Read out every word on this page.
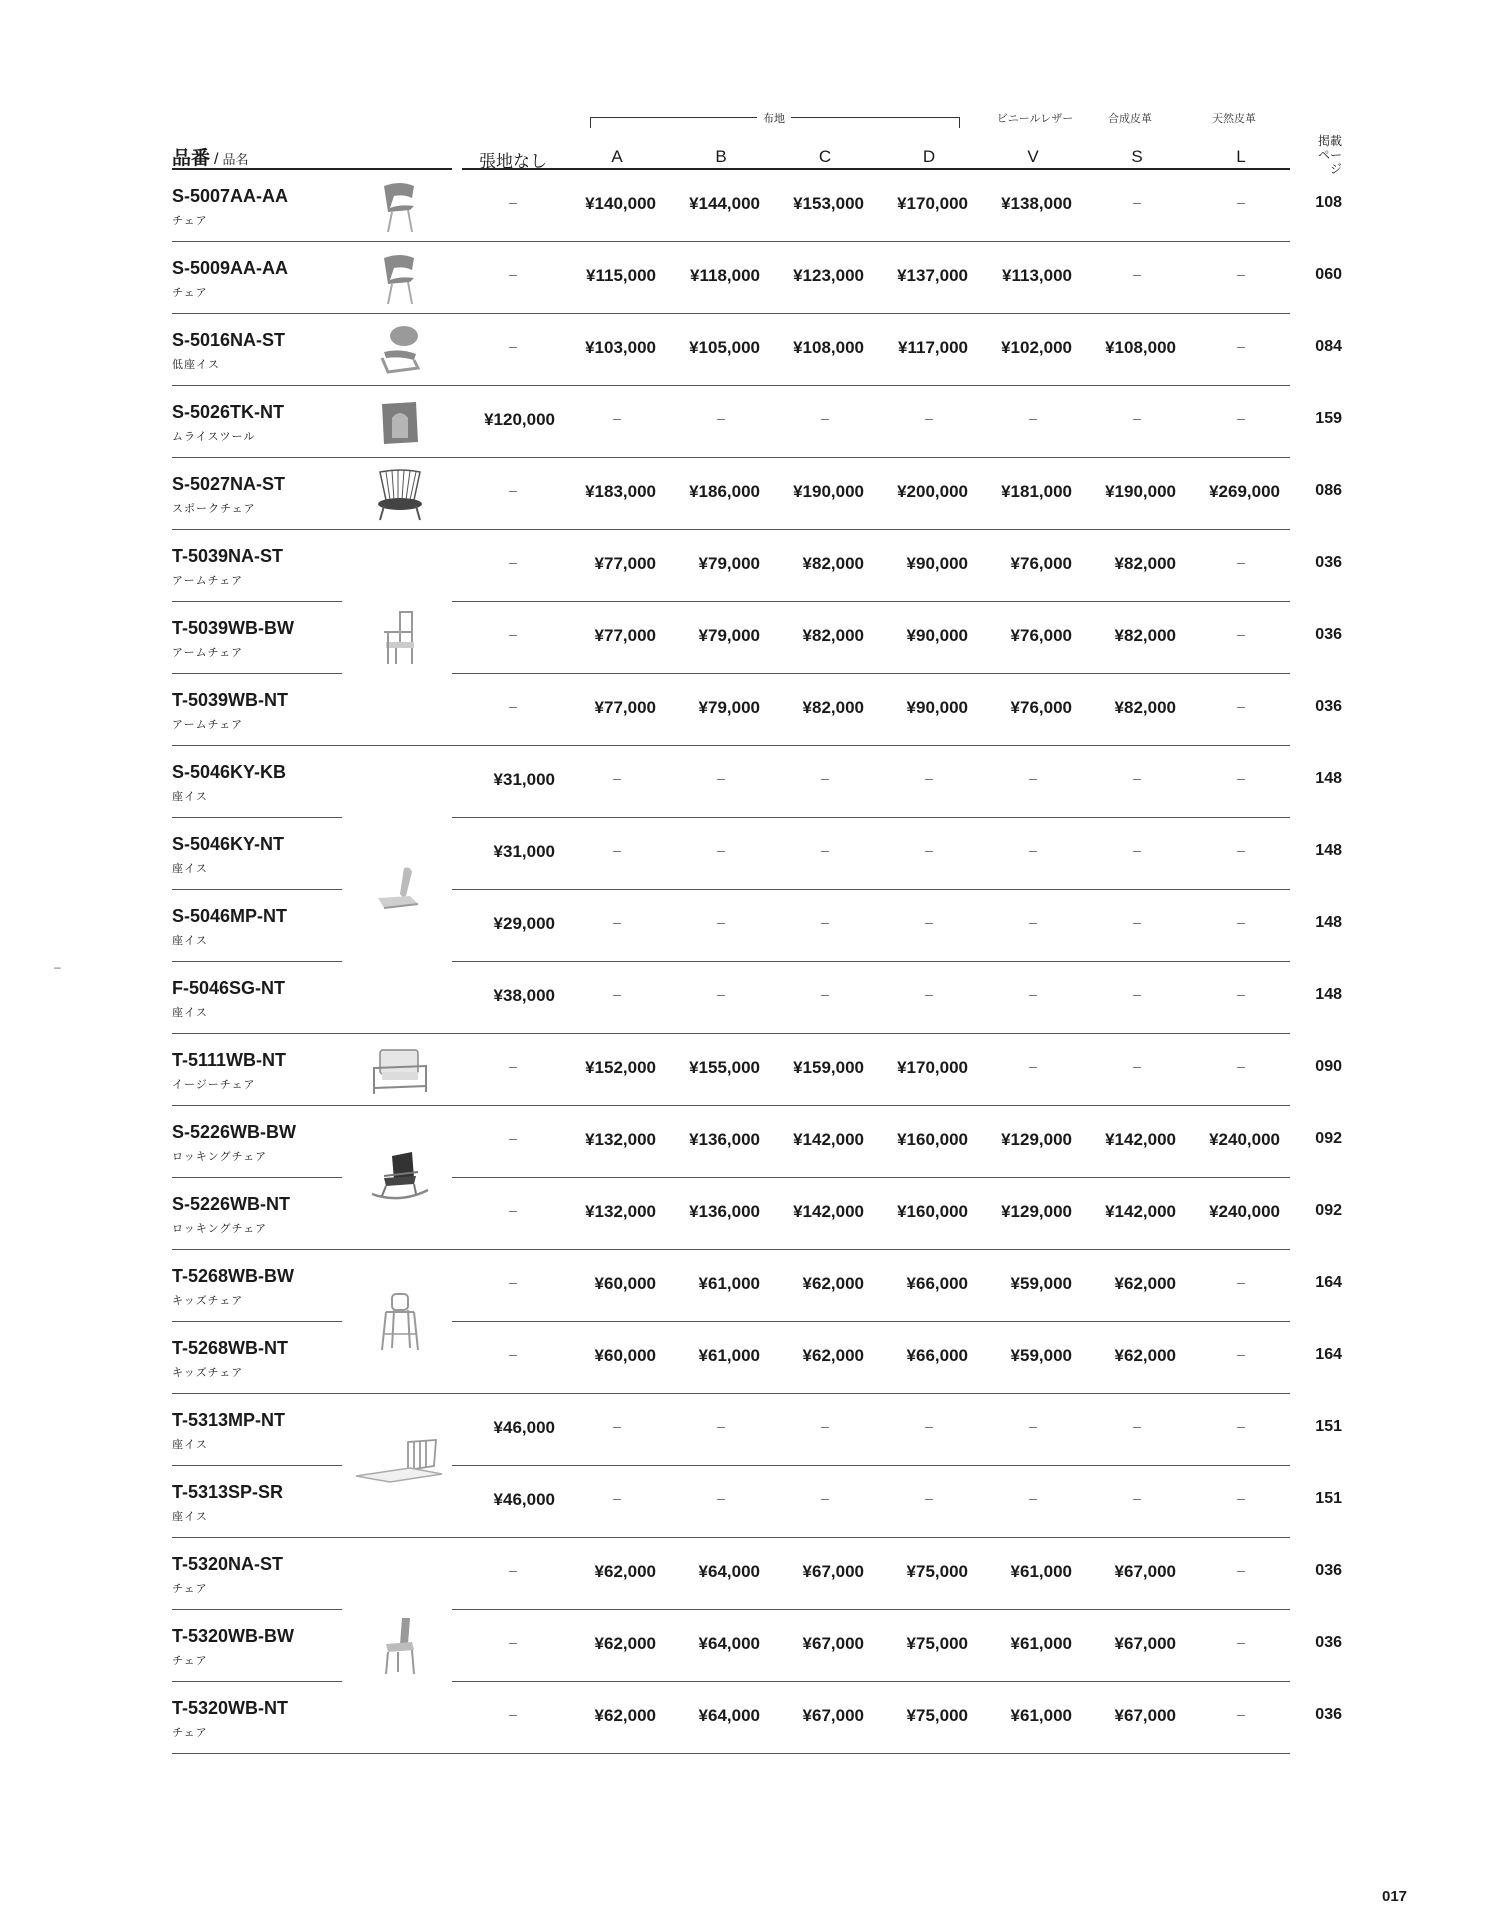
布地	ビニールレザー	合成皮革	天然皮革
品番 / 品名	張地なし	A	B	C	D	V	S	L
掲載
ページ
S-5007AA-AA
チェア
–	¥140,000	¥144,000	¥153,000	¥170,000	¥138,000	–	–	108
S-5009AA-AA
チェア
–	¥115,000	¥118,000	¥123,000	¥137,000	¥113,000	–	–	060
S-5016NA-ST
低座イス
–	¥103,000	¥105,000	¥108,000	¥117,000	¥102,000	¥108,000	–	084
S-5026TK-NT
ムライスツール
¥120,000	–	–	–	–	–	–	–	159
S-5027NA-ST
スポークチェア
–	¥183,000	¥186,000	¥190,000	¥200,000	¥181,000	¥190,000	¥269,000	086
T-5039NA-ST
アームチェア
–	¥77,000	¥79,000	¥82,000	¥90,000	¥76,000	¥82,000	–	036
T-5039WB-BW
アームチェア
–	¥77,000	¥79,000	¥82,000	¥90,000	¥76,000	¥82,000	–	036
T-5039WB-NT
アームチェア
–	¥77,000	¥79,000	¥82,000	¥90,000	¥76,000	¥82,000	–	036
S-5046KY-KB
座イス
¥31,000	–	–	–	–	–	–	–	148
S-5046KY-NT
座イス
¥31,000	–	–	–	–	–	–	–	148
S-5046MP-NT
座イス
¥29,000	–	–	–	–	–	–	–	148
F-5046SG-NT
座イス
¥38,000	–	–	–	–	–	–	–	148
T-5111WB-NT
イージーチェア
–	¥152,000	¥155,000	¥159,000	¥170,000	–	–	–	090
S-5226WB-BW
ロッキングチェア
–	¥132,000	¥136,000	¥142,000	¥160,000	¥129,000	¥142,000	¥240,000	092
S-5226WB-NT
ロッキングチェア
–	¥132,000	¥136,000	¥142,000	¥160,000	¥129,000	¥142,000	¥240,000	092
T-5268WB-BW
キッズチェア
–	¥60,000	¥61,000	¥62,000	¥66,000	¥59,000	¥62,000	–	164
T-5268WB-NT
キッズチェア
–	¥60,000	¥61,000	¥62,000	¥66,000	¥59,000	¥62,000	–	164
T-5313MP-NT
座イス
¥46,000	–	–	–	–	–	–	–	151
T-5313SP-SR
座イス
¥46,000	–	–	–	–	–	–	–	151
T-5320NA-ST
チェア
–	¥62,000	¥64,000	¥67,000	¥75,000	¥61,000	¥67,000	–	036
T-5320WB-BW
チェア
–	¥62,000	¥64,000	¥67,000	¥75,000	¥61,000	¥67,000	–	036
T-5320WB-NT
チェア
–	¥62,000	¥64,000	¥67,000	¥75,000	¥61,000	¥67,000	–	036
–
017
